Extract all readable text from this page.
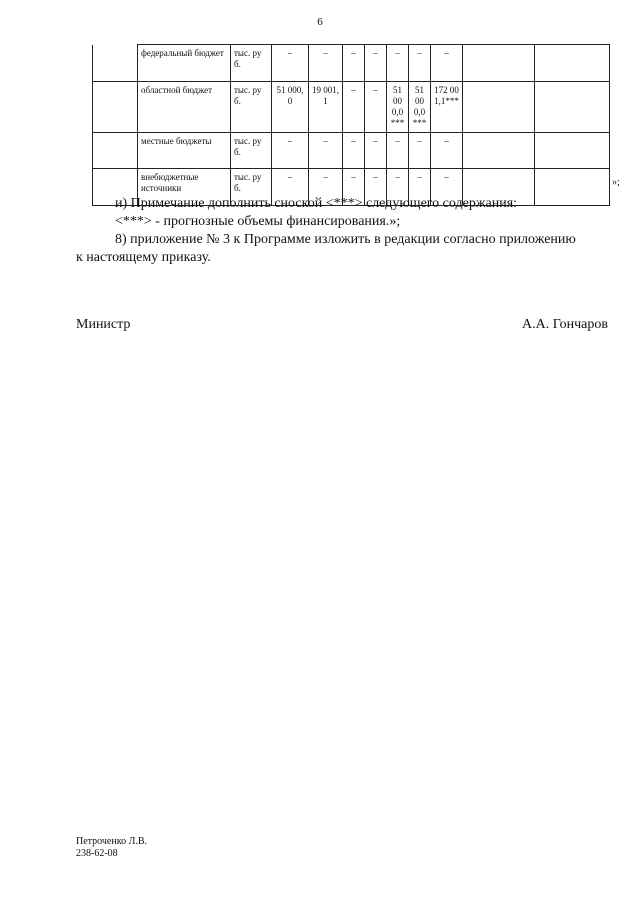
6
	федеральный бюджет	тыс. руб.	–	–	–	–	–	–	–		
	областной бюджет	тыс. руб.	51 000,0	19 001,1	–	–	51 000,0***	51 000,0***	172 001,1***		
	местные бюджеты	тыс. руб.	–	–	–	–	–	–	–		
	внебюджетные источники	тыс. руб.	–	–	–	–	–	–	–			»;
и) Примечание дополнить сноской <***> следующего содержания:
<***> - прогнозные объемы финансирования.»;
8) приложение № 3 к Программе изложить в редакции согласно приложению
к настоящему приказу.
Министр	А.А. Гончаров
Петроченко Л.В.
238-62-08
